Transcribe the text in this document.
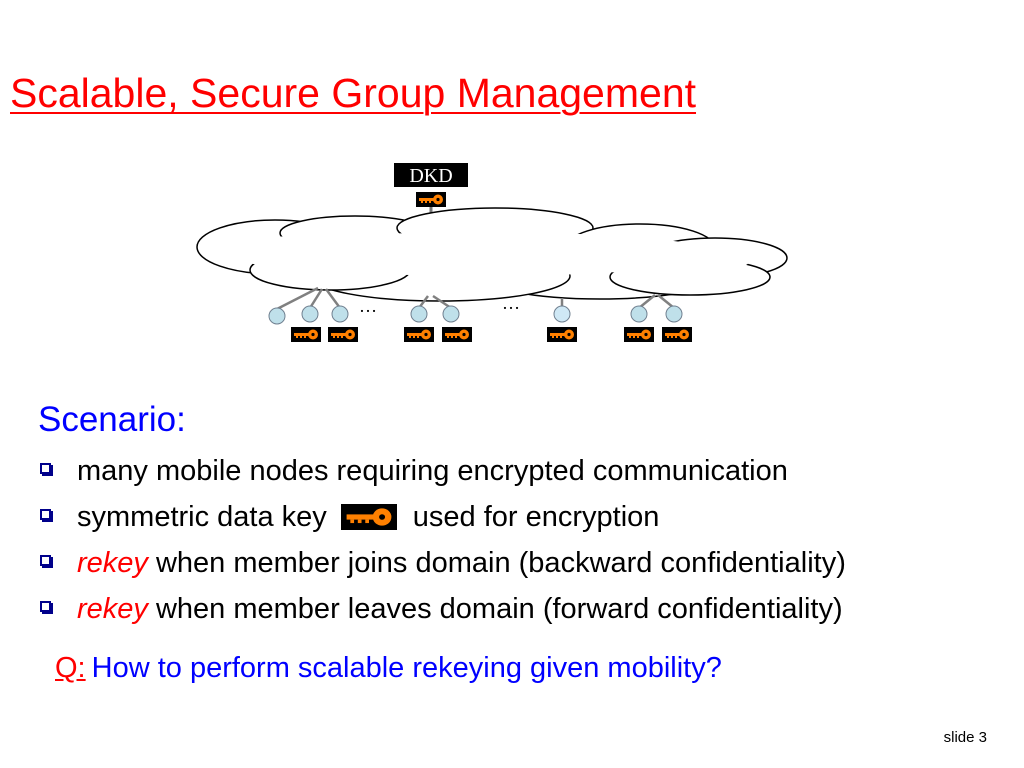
Scalable, Secure Group Management
DKD
…	…
Scenario:
many mobile nodes requiring encrypted communication
symmetric data key	used for encryption
rekey when member joins domain (backward confidentiality)
rekey when member leaves domain (forward confidentiality)
Q: How to perform scalable rekeying given mobility?
slide 3
